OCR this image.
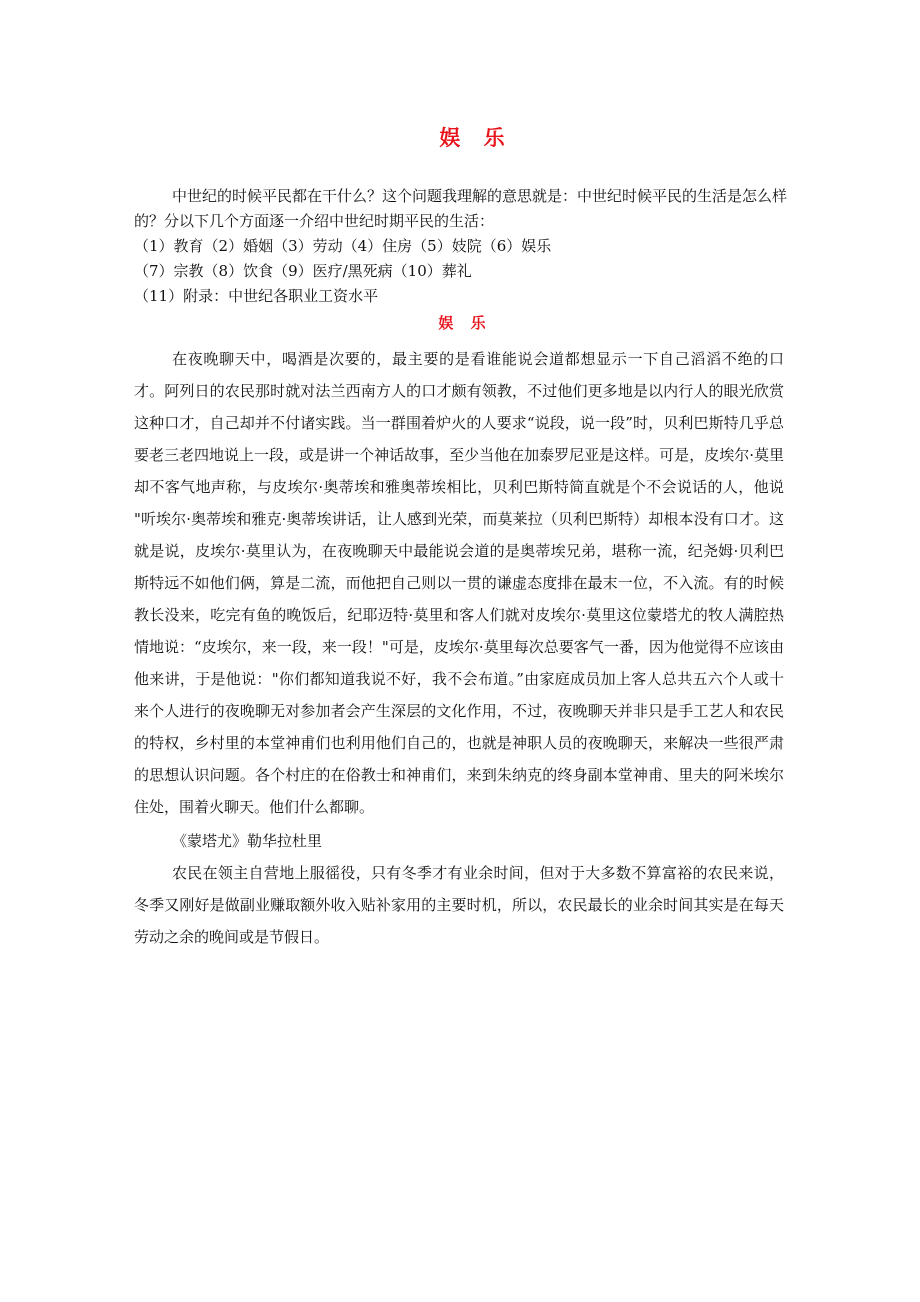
娱 乐

中世纪的时候平民都在干什么？这个问题我理解的意思就是：中世纪时候平民的生活是怎么样的？分以下几个方面逐一介绍中世纪时期平民的生活：

（1）教育（2）婚姻（3）劳动（4）住房（5）妓院（6）娱乐

（7）宗教（8）饮食（9）医疗/黑死病（10）葬礼

（11）附录：中世纪各职业工资水平

娱 乐

在夜晚聊天中，喝酒是次要的，最主要的是看谁能说会道都想显示一下自己滔滔不绝的口才。阿列日的农民那时就对法兰西南方人的口才颇有领教，不过他们更多地是以内行人的眼光欣赏这种口才，自己却并不付诸实践。当一群围着炉火的人要求“说段，说一段”时，贝利巴斯特几乎总要老三老四地说上一段，或是讲一个神话故事，至少当他在加泰罗尼亚是这样。可是，皮埃尔·莫里却不客气地声称，与皮埃尔·奥蒂埃和雅奥蒂埃相比，贝利巴斯特简直就是个不会说话的人，他说 "听埃尔·奥蒂埃和雅克·奥蒂埃讲话，让人感到光荣，而莫莱拉（贝利巴斯特）却根本没有口才。这就是说，皮埃尔·莫里认为，在夜晚聊天中最能说会道的是奥蒂埃兄弟，堪称一流，纪尧姆·贝利巴斯特远不如他们俩，算是二流，而他把自己则以一贯的谦虚态度排在最末一位，不入流。有的时候教长没来，吃完有鱼的晚饭后，纪耶迈特·莫里和客人们就对皮埃尔·莫里这位蒙塔尤的牧人满腔热情地说：“皮埃尔，来一段，来一段！"可是，皮埃尔·莫里每次总要客气一番，因为他觉得不应该由他来讲，于是他说："你们都知道我说不好，我不会布道。”由家庭成员加上客人总共五六个人或十来个人进行的夜晚聊无对参加者会产生深层的文化作用，不过，夜晚聊天并非只是手工艺人和农民的特权，乡村里的本堂神甫们也利用他们自己的，也就是神职人员的夜晚聊天，来解决一些很严肃的思想认识问题。各个村庄的在俗教士和神甫们，来到朱纳克的终身副本堂神甫、里夫的阿米埃尔住处，围着火聊天。他们什么都聊。

《蒙塔尤》勒华拉杜里

农民在领主自营地上服徭役，只有冬季才有业余时间，但对于大多数不算富裕的农民来说，冬季又刚好是做副业赚取额外收入贴补家用的主要时机，所以，农民最长的业余时间其实是在每天劳动之余的晚间或是节假日。
